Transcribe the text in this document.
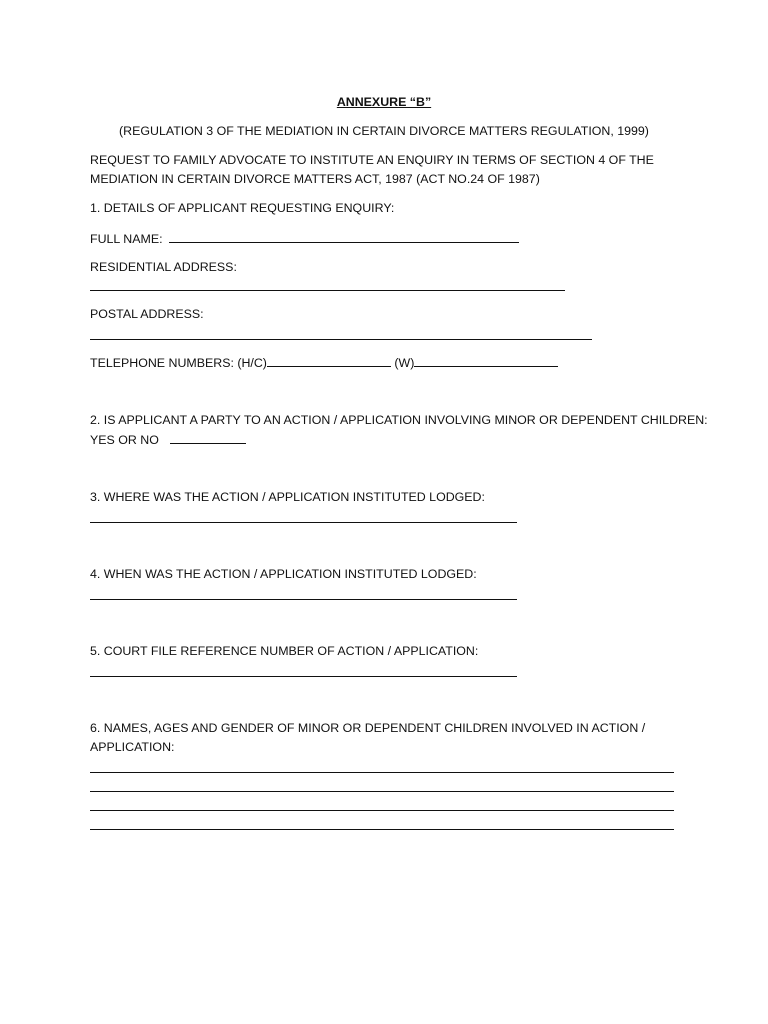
ANNEXURE “B”
(REGULATION 3 OF THE MEDIATION IN CERTAIN DIVORCE MATTERS REGULATION, 1999)
REQUEST TO FAMILY ADVOCATE TO INSTITUTE AN ENQUIRY IN TERMS OF SECTION 4 OF THE
MEDIATION IN CERTAIN DIVORCE MATTERS ACT, 1987 (ACT NO.24 OF 1987)
1. DETAILS OF APPLICANT REQUESTING ENQUIRY:
FULL NAME:
RESIDENTIAL ADDRESS:
POSTAL ADDRESS:
TELEPHONE NUMBERS: (H/C)	(W)
2. IS APPLICANT A PARTY TO AN ACTION / APPLICATION INVOLVING MINOR OR DEPENDENT CHILDREN:
YES OR NO
3. WHERE WAS THE ACTION / APPLICATION INSTITUTED LODGED:
4. WHEN WAS THE ACTION / APPLICATION INSTITUTED LODGED:
5. COURT FILE REFERENCE NUMBER OF ACTION / APPLICATION:
6. NAMES, AGES AND GENDER OF MINOR OR DEPENDENT CHILDREN INVOLVED IN ACTION /
APPLICATION:
